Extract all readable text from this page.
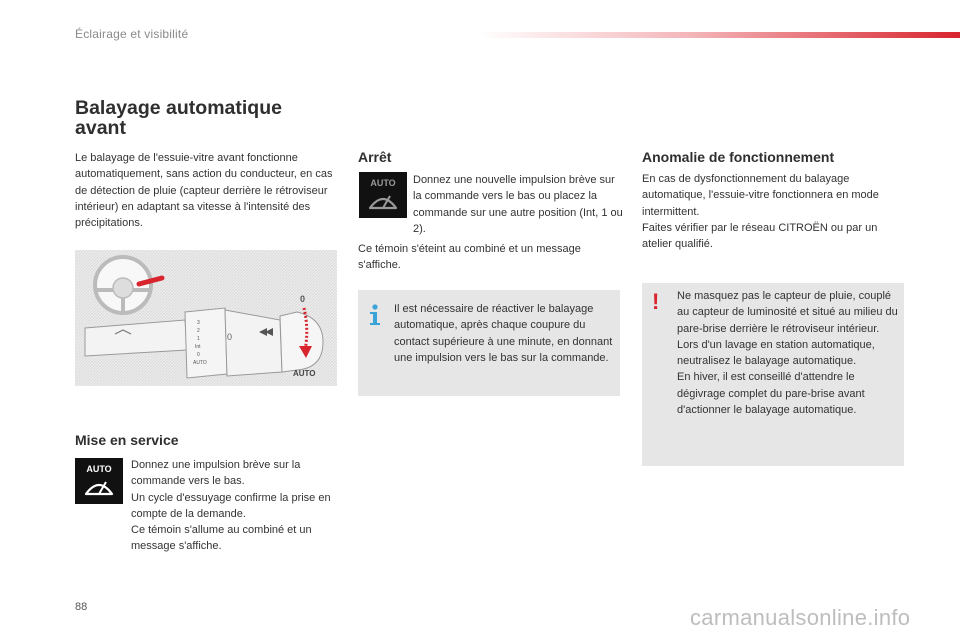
Éclairage et visibilité
Balayage automatique
avant

Le balayage de l'essuie-vitre avant fonctionne automatiquement, sans action du conducteur, en cas de détection de pluie (capteur derrière le rétroviseur intérieur) en adaptant sa vitesse à l'intensité des précipitations.

3
2
1
Int
0
AUTO
0
0
AUTO
Mise en service
AUTO Donnez une impulsion brève sur la commande vers le bas.
Un cycle d'essuyage confirme la prise en compte de la demande.
Ce témoin s'allume au combiné et un message s'affiche.
Arrêt
AUTO Donnez une nouvelle impulsion brève sur la commande vers le bas ou placez la commande sur une autre position (Int, 1 ou 2).

Ce témoin s'éteint au combiné et un message s'affiche.

Il est nécessaire de réactiver le balayage automatique, après chaque coupure du contact supérieure à une minute, en donnant une impulsion vers le bas sur la commande.

Anomalie de fonctionnement
En cas de dysfonctionnement du balayage automatique, l'essuie-vitre fonctionnera en mode intermittent.
Faites vérifier par le réseau CITROËN ou par un atelier qualifié.
! Ne masquez pas le capteur de pluie, couplé au capteur de luminosité et situé au milieu du pare-brise derrière le rétroviseur intérieur.
Lors d'un lavage en station automatique, neutralisez le balayage automatique.
En hiver, il est conseillé d'attendre le dégivrage complet du pare-brise avant d'actionner le balayage automatique.
88	carmanualsonline.info
